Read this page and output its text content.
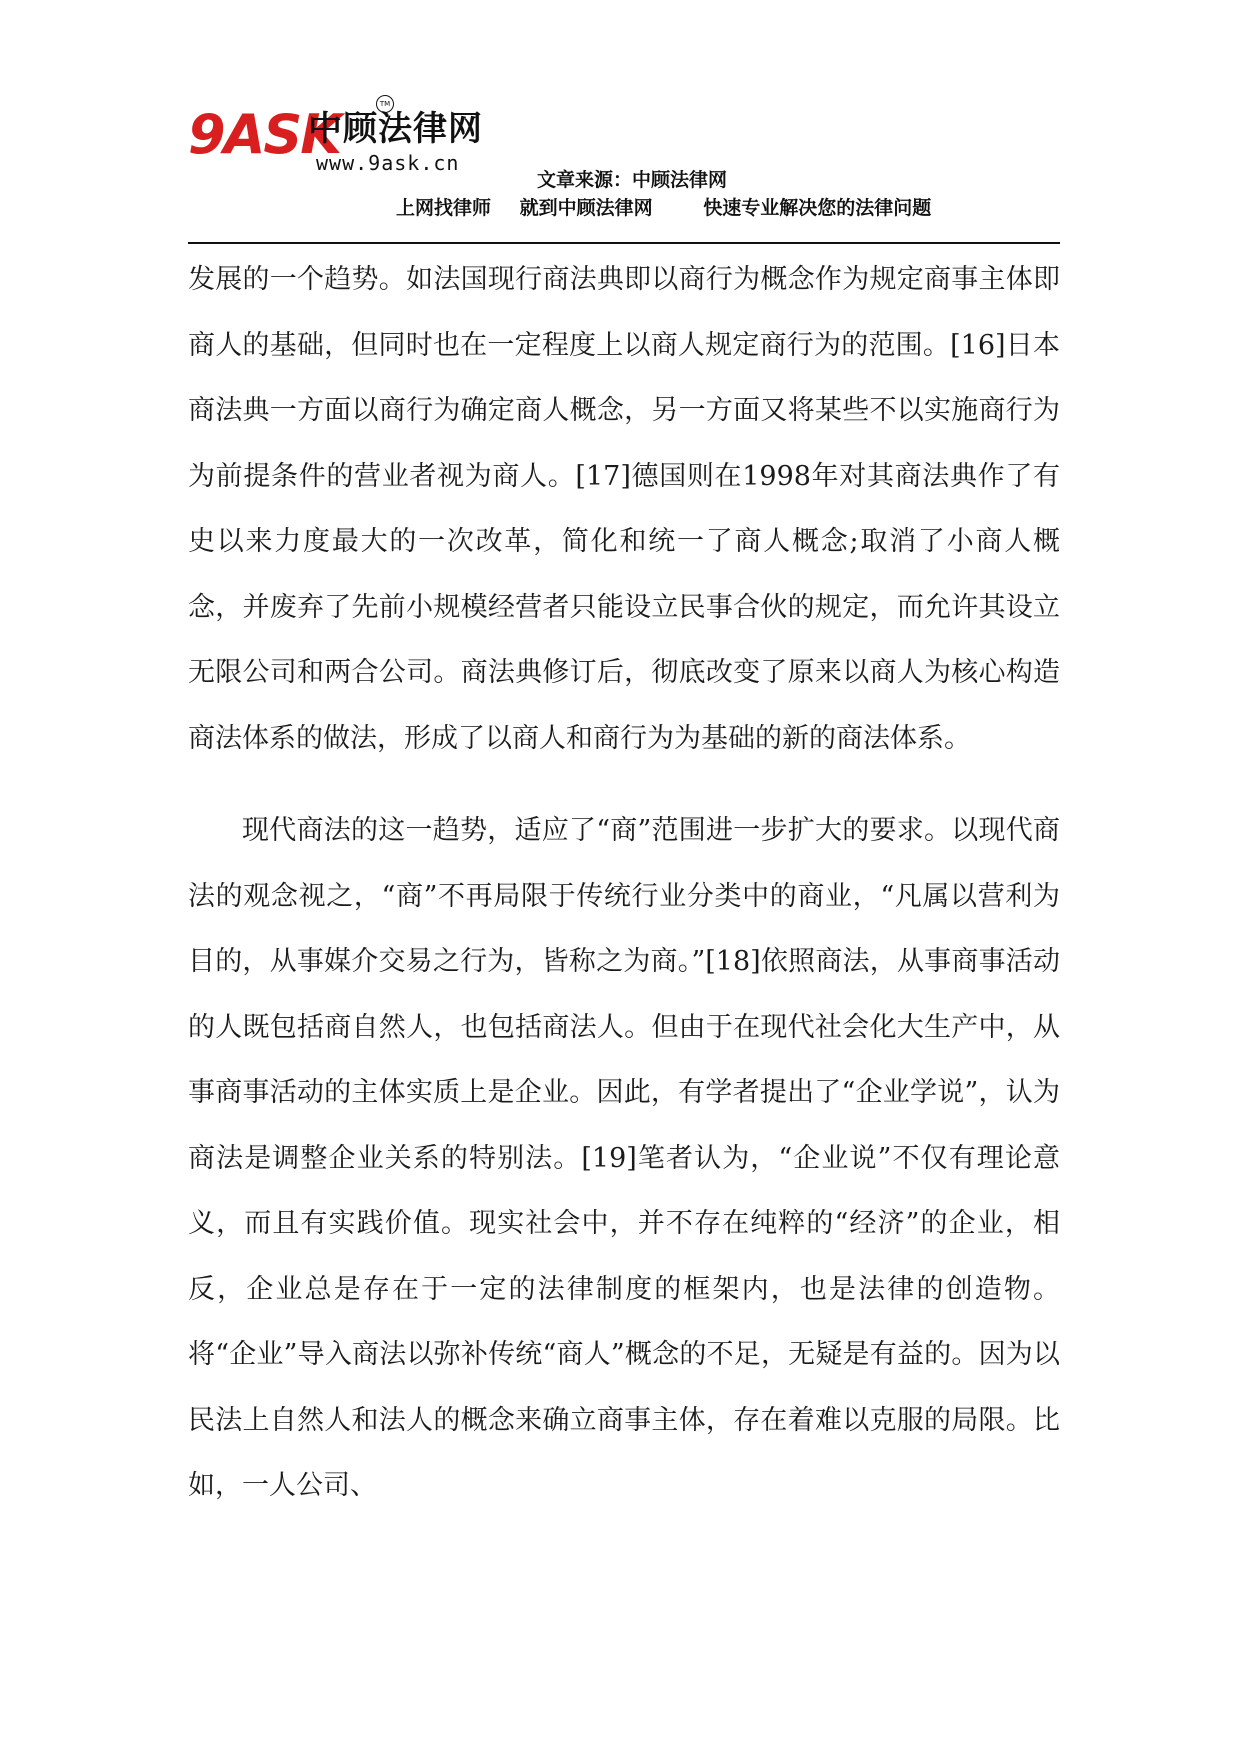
9ASK
中顾法律网
TM
www.9ask.cn
文章来源：中顾法律网
上网找律师 就到中顾法律网	快速专业解决您的法律问题

发展的一个趋势。如法国现行商法典即以商行为概念作为规定商事主体即商人的基础，但同时也在一定程度上以商人规定商行为的范围。[16]日本商法典一方面以商行为确定商人概念，另一方面又将某些不以实施商行为为前提条件的营业者视为商人。[17]德国则在1998年对其商法典作了有史以来力度最大的一次改革，简化和统一了商人概念;取消了小商人概念，并废弃了先前小规模经营者只能设立民事合伙的规定，而允许其设立无限公司和两合公司。商法典修订后，彻底改变了原来以商人为核心构造商法体系的做法，形成了以商人和商行为为基础的新的商法体系。

现代商法的这一趋势，适应了“商”范围进一步扩大的要求。以现代商法的观念视之，“商”不再局限于传统行业分类中的商业，“凡属以营利为目的，从事媒介交易之行为，皆称之为商。”[18]依照商法，从事商事活动的人既包括商自然人，也包括商法人。但由于在现代社会化大生产中，从事商事活动的主体实质上是企业。因此，有学者提出了“企业学说”，认为商法是调整企业关系的特别法。[19]笔者认为，“企业说”不仅有理论意义，而且有实践价值。现实社会中，并不存在纯粹的“经济”的企业，相反，企业总是存在于一定的法律制度的框架内，也是法律的创造物。将“企业”导入商法以弥补传统“商人”概念的不足，无疑是有益的。因为以民法上自然人和法人的概念来确立商事主体，存在着难以克服的局限。比如，一人公司、
